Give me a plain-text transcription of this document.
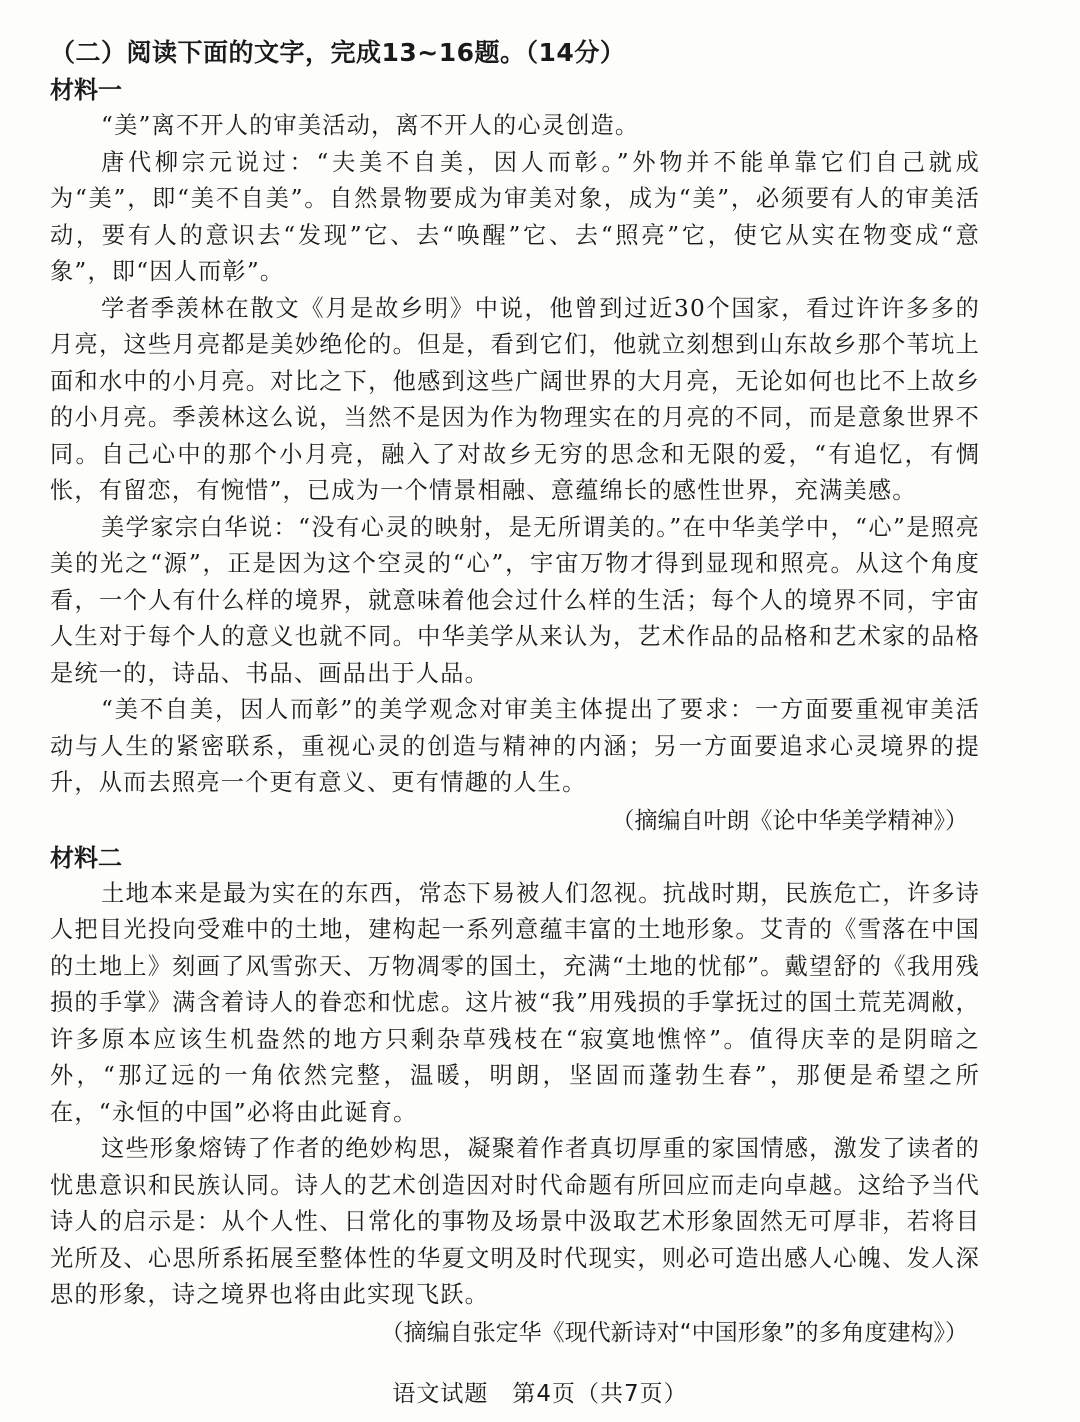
（二）阅读下面的文字，完成13~16题。（14分）

材料一

“美”离不开人的审美活动，离不开人的心灵创造。

唐代柳宗元说过：“夫美不自美，因人而彰。”外物并不能单靠它们自己就成为“美”，即“美不自美”。自然景物要成为审美对象，成为“美”，必须要有人的审美活动，要有人的意识去“发现”它、去“唤醒”它、去“照亮”它，使它从实在物变成“意象”，即“因人而彰”。

学者季羡林在散文《月是故乡明》中说，他曾到过近30个国家，看过许许多多的月亮，这些月亮都是美妙绝伦的。但是，看到它们，他就立刻想到山东故乡那个苇坑上面和水中的小月亮。对比之下，他感到这些广阔世界的大月亮，无论如何也比不上故乡的小月亮。季羡林这么说，当然不是因为作为物理实在的月亮的不同，而是意象世界不同。自己心中的那个小月亮，融入了对故乡无穷的思念和无限的爱，“有追忆，有惆怅，有留恋，有惋惜”，已成为一个情景相融、意蕴绵长的感性世界，充满美感。

美学家宗白华说：“没有心灵的映射，是无所谓美的。”在中华美学中，“心”是照亮美的光之“源”，正是因为这个空灵的“心”，宇宙万物才得到显现和照亮。从这个角度看，一个人有什么样的境界，就意味着他会过什么样的生活；每个人的境界不同，宇宙人生对于每个人的意义也就不同。中华美学从来认为，艺术作品的品格和艺术家的品格是统一的，诗品、书品、画品出于人品。

“美不自美，因人而彰”的美学观念对审美主体提出了要求：一方面要重视审美活动与人生的紧密联系，重视心灵的创造与精神的内涵；另一方面要追求心灵境界的提升，从而去照亮一个更有意义、更有情趣的人生。

（摘编自叶朗《论中华美学精神》）

材料二

土地本来是最为实在的东西，常态下易被人们忽视。抗战时期，民族危亡，许多诗人把目光投向受难中的土地，建构起一系列意蕴丰富的土地形象。艾青的《雪落在中国的土地上》刻画了风雪弥天、万物凋零的国土，充满“土地的忧郁”。戴望舒的《我用残损的手掌》满含着诗人的眷恋和忧虑。这片被“我”用残损的手掌抚过的国土荒芜凋敝，许多原本应该生机盎然的地方只剩杂草残枝在“寂寞地憔悴”。值得庆幸的是阴暗之外，“那辽远的一角依然完整，温暖，明朗，坚固而蓬勃生春”，那便是希望之所在，“永恒的中国”必将由此诞育。

这些形象熔铸了作者的绝妙构思，凝聚着作者真切厚重的家国情感，激发了读者的忧患意识和民族认同。诗人的艺术创造因对时代命题有所回应而走向卓越。这给予当代诗人的启示是：从个人性、日常化的事物及场景中汲取艺术形象固然无可厚非，若将目光所及、心思所系拓展至整体性的华夏文明及时代现实，则必可造出感人心魄、发人深思的形象，诗之境界也将由此实现飞跃。

（摘编自张定华《现代新诗对“中国形象”的多角度建构》）

语文试题　第4页（共7页）
